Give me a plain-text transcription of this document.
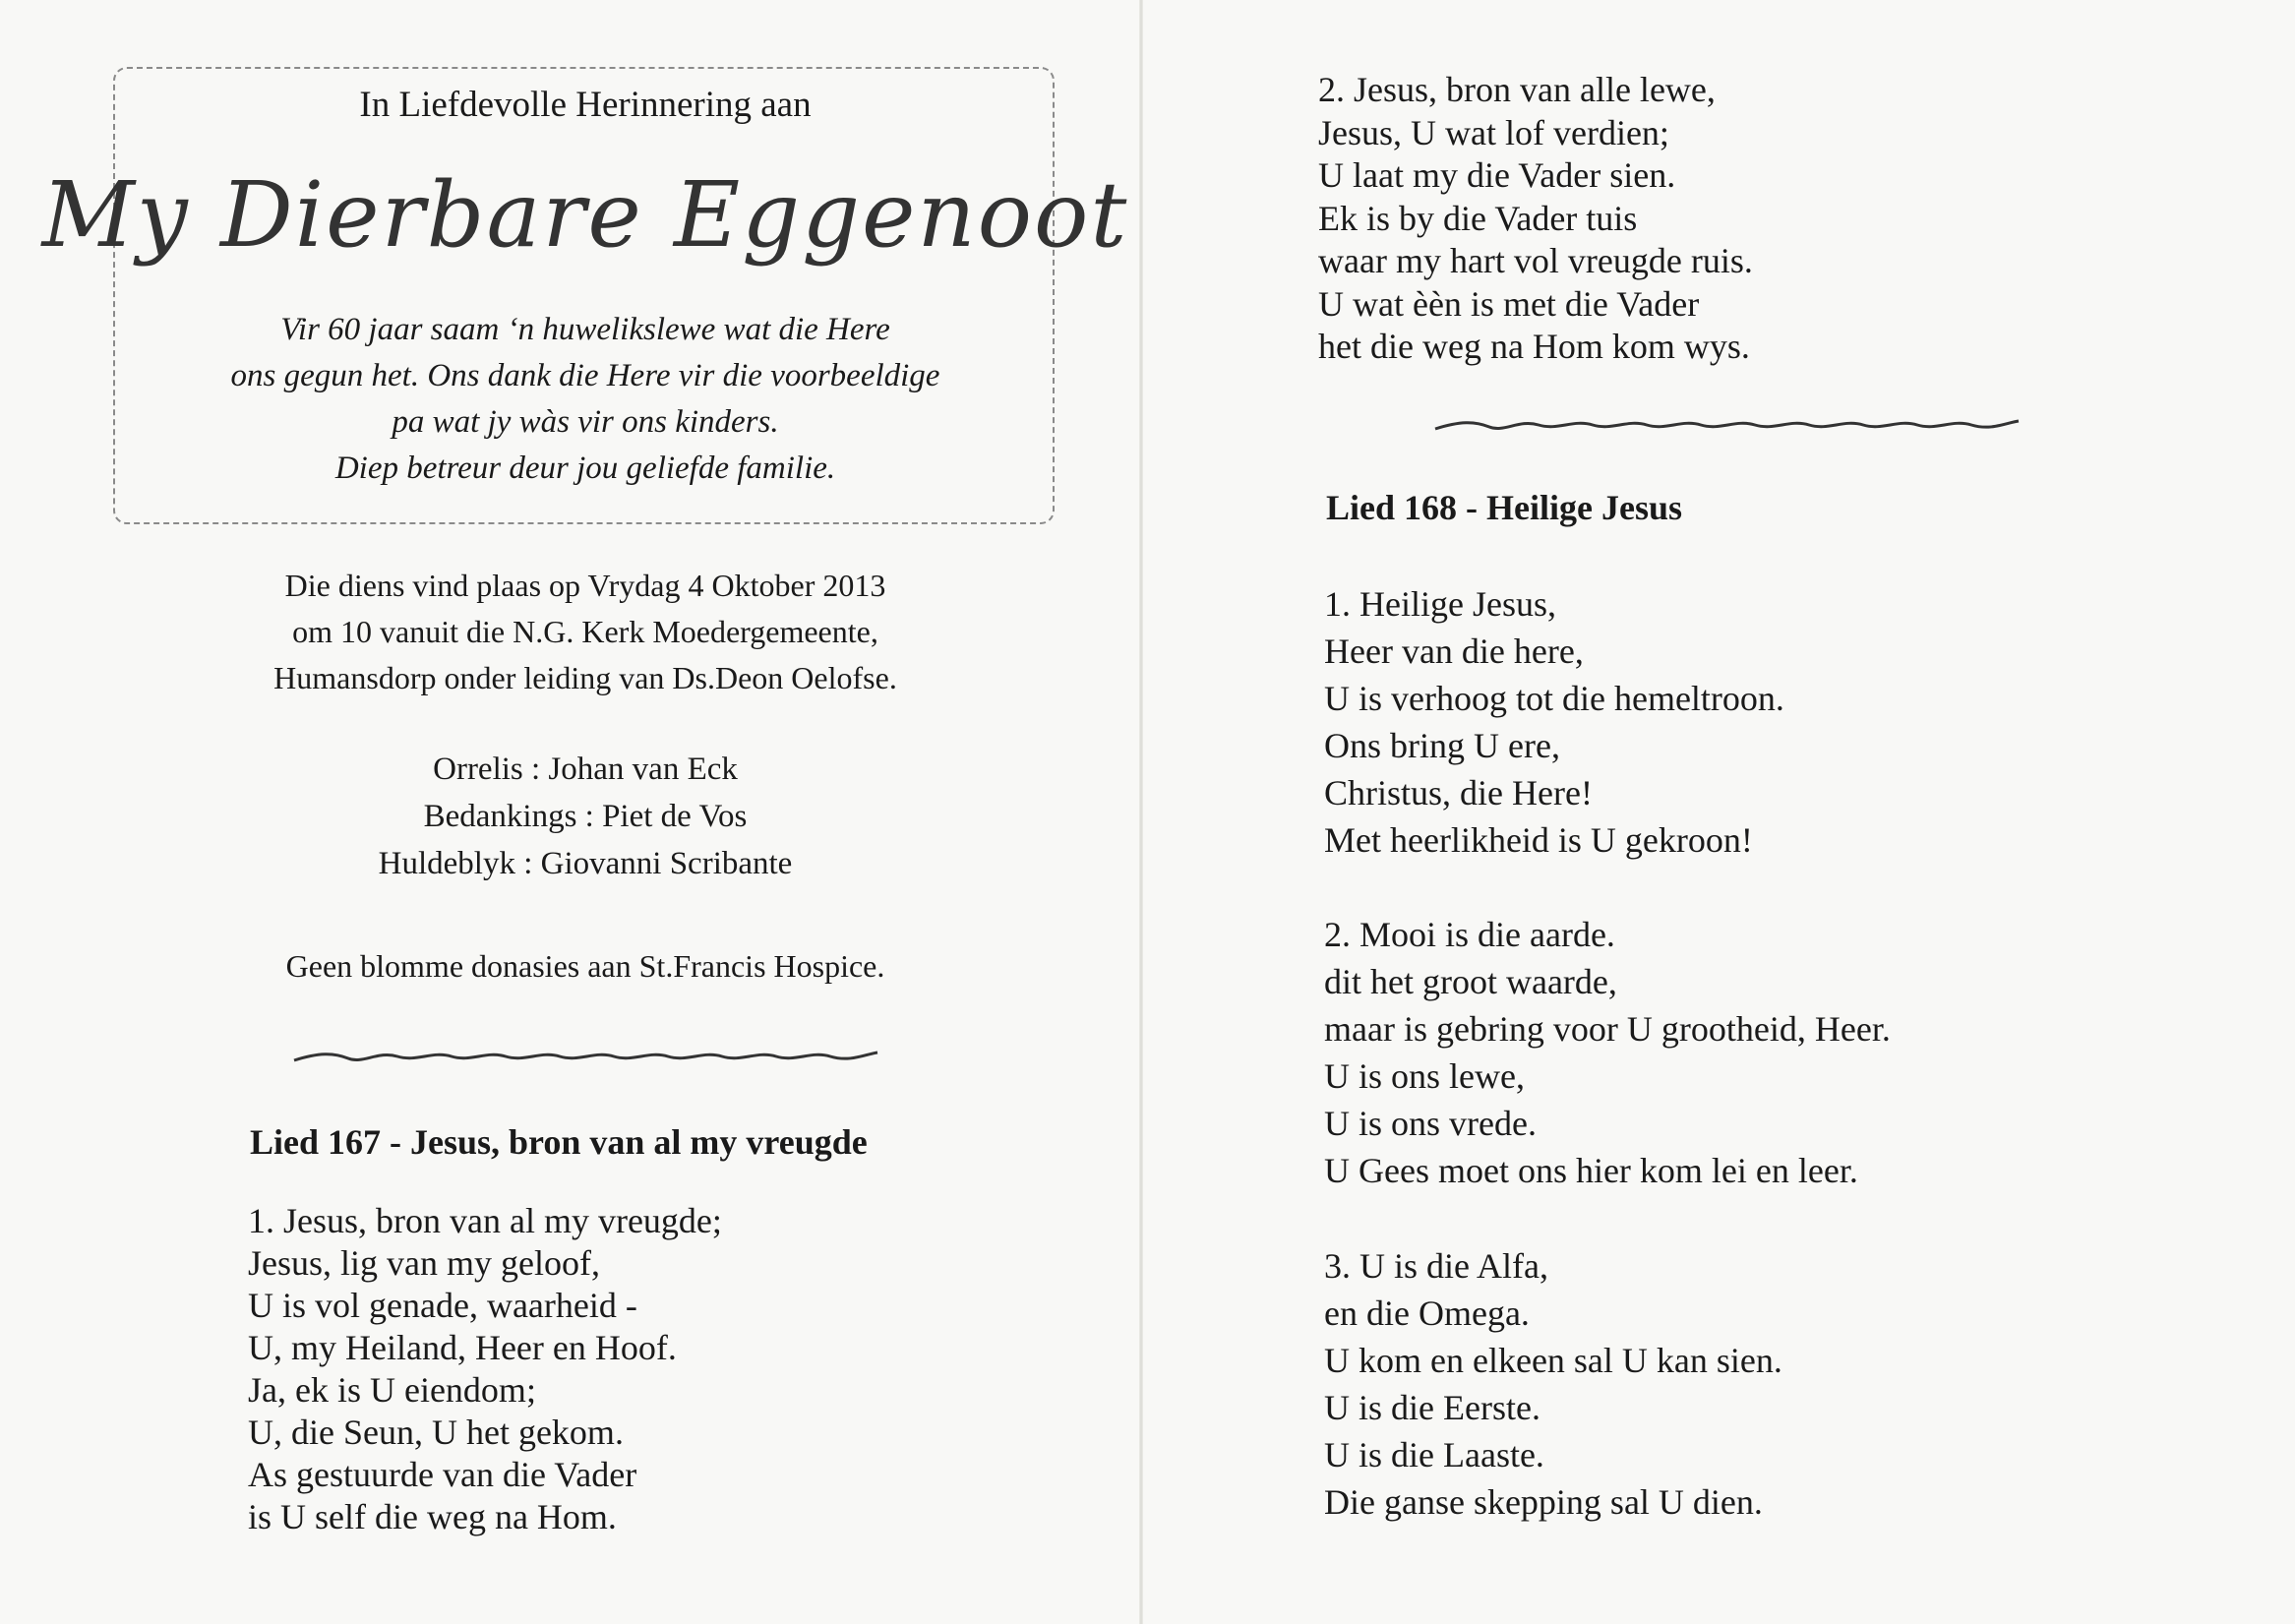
In Liefdevolle Herinnering aan
My Dierbare Eggenoot
Vir 60 jaar saam ‘n huwelikslewe wat die Here
ons gegun het. Ons dank die Here vir die voorbeeldige
pa wat jy wàs vir ons kinders.
Diep betreur deur jou geliefde familie.
Die diens vind plaas op Vrydag 4 Oktober 2013
om 10 vanuit die N.G. Kerk Moedergemeente,
Humansdorp onder leiding van Ds.Deon Oelofse.
Orrelis : Johan van Eck
Bedankings : Piet de Vos
Huldeblyk : Giovanni Scribante
Geen blomme donasies aan St.Francis Hospice.
Lied 167 - Jesus, bron van al my vreugde
1. Jesus, bron van al my vreugde;
Jesus, lig van my geloof,
U is vol genade, waarheid -
U, my Heiland, Heer en Hoof.
Ja, ek is U eiendom;
U, die Seun, U het gekom.
As gestuurde van die Vader
is U self die weg na Hom.
2. Jesus, bron van alle lewe,
Jesus, U wat lof verdien;
U laat my die Vader sien.
Ek is by die Vader tuis
waar my hart vol vreugde ruis.
U wat èèn is met die Vader
het die weg na Hom kom wys.
Lied 168 - Heilige Jesus
1. Heilige Jesus,
Heer van die here,
U is verhoog tot die hemeltroon.
Ons bring U ere,
Christus, die Here!
Met heerlikheid is U gekroon!
2. Mooi is die aarde.
dit het groot waarde,
maar is gebring voor U grootheid, Heer.
U is ons lewe,
U is ons vrede.
U Gees moet ons hier kom lei en leer.
3. U is die Alfa,
en die Omega.
U kom en elkeen sal U kan sien.
U is die Eerste.
U is die Laaste.
Die ganse skepping sal U dien.
